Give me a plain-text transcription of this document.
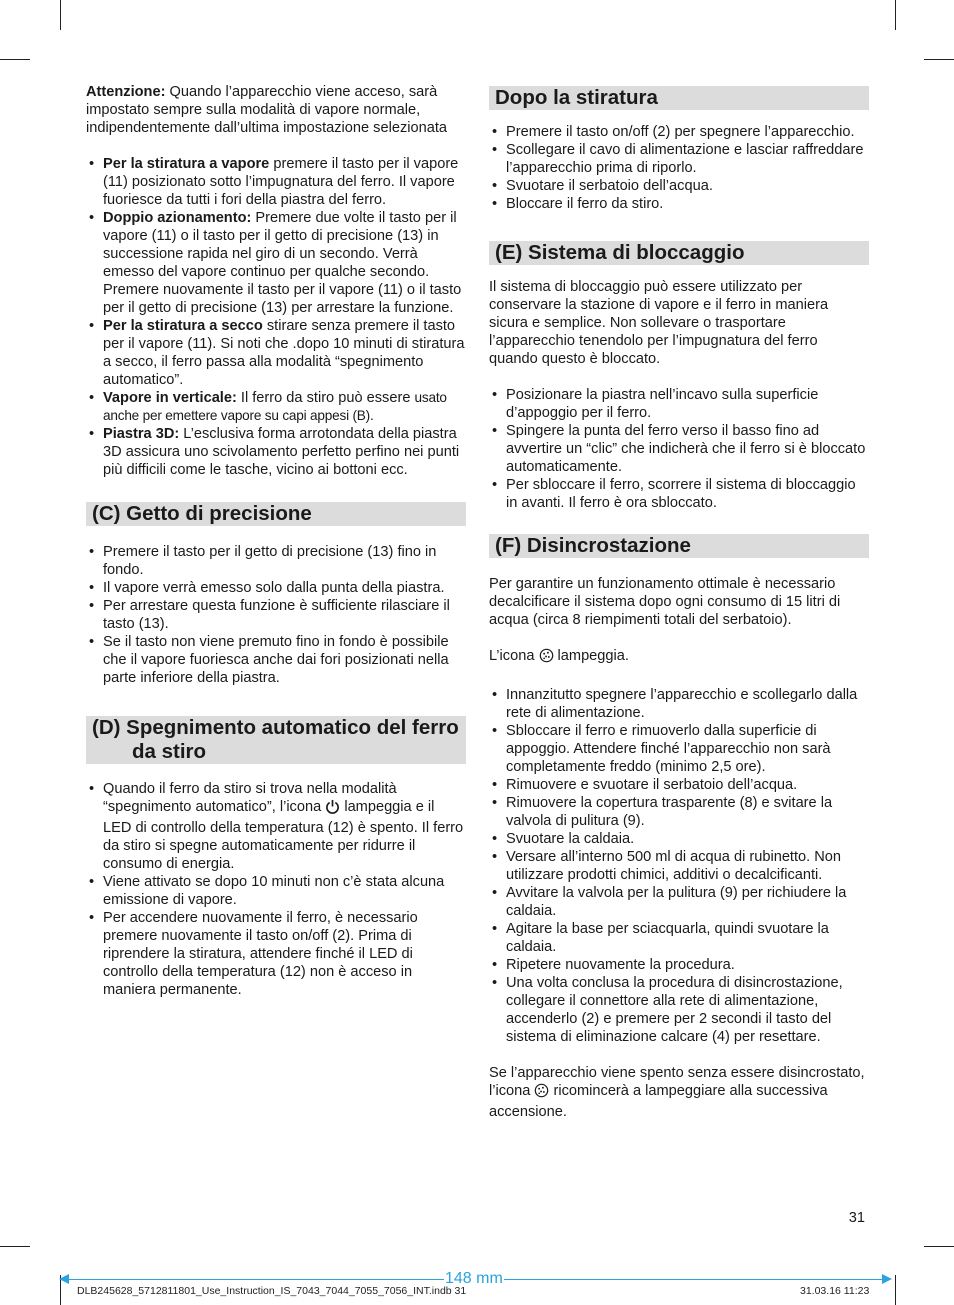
Attenzione: Quando l’apparecchio viene acceso, sarà impostato sempre sulla modalità di vapore normale, indipendentemente dall’ultima impostazione selezionata

• Per la stiratura a vapore premere il tasto per il vapore (11) posizionato sotto l’impugnatura del ferro. Il vapore fuoriesce da tutti i fori della piastra del ferro.
• Doppio azionamento: Premere due volte il tasto per il vapore (11) o il tasto per il getto di precisione (13) in successione rapida nel giro di un secondo. Verrà emesso del vapore continuo per qualche secondo. Premere nuovamente il tasto per il vapore (11) o il tasto per il getto di precisione (13) per arrestare la funzione.
• Per la stiratura a secco stirare senza premere il tasto per il vapore (11). Si noti che .dopo 10 minuti di stiratura a secco, il ferro passa alla modalità “spegnimento automatico”.
• Vapore in verticale: Il ferro da stiro può essere usato anche per emettere vapore su capi appesi (B).
• Piastra 3D: L’esclusiva forma arrotondata della piastra 3D assicura uno scivolamento perfetto perfino nei punti più difficili come le tasche, vicino ai bottoni ecc.
(C) Getto di precisione
• Premere il tasto per il getto di precisione (13) fino in fondo.
• Il vapore verrà emesso solo dalla punta della piastra.
• Per arrestare questa funzione è sufficiente rilasciare il tasto (13).
• Se il tasto non viene premuto fino in fondo è possibile che il vapore fuoriesca anche dai fori posizionati nella parte inferiore della piastra.
(D) Spegnimento automatico del ferro da stiro
• Quando il ferro da stiro si trova nella modalità “spegnimento automatico”, l’icona  lampeggia e il LED di controllo della temperatura (12) è spento. Il ferro da stiro si spegne automaticamente per ridurre il consumo di energia.
• Viene attivato se dopo 10 minuti non c’è stata alcuna emissione di vapore.
• Per accendere nuovamente il ferro, è necessario premere nuovamente il tasto on/off (2). Prima di riprendere la stiratura, attendere finché il LED di controllo della temperatura (12) non è acceso in maniera permanente.
Dopo la stiratura
• Premere il tasto on/off (2) per spegnere l’apparecchio.
• Scollegare il cavo di alimentazione e lasciar raffreddare l’apparecchio prima di riporlo.
• Svuotare il serbatoio dell’acqua.
• Bloccare il ferro da stiro.
(E) Sistema di bloccaggio

Il sistema di bloccaggio può essere utilizzato per conservare la stazione di vapore e il ferro in maniera sicura e semplice. Non sollevare o trasportare l’apparecchio tenendolo per l’impugnatura del ferro quando questo è bloccato.

• Posizionare la piastra nell’incavo sulla superficie d’appoggio per il ferro.
• Spingere la punta del ferro verso il basso fino ad avvertire un “clic” che indicherà che il ferro si è bloccato automaticamente.
• Per sbloccare il ferro, scorrere il sistema di bloccaggio in avanti. Il ferro è ora sbloccato.
(F) Disincrostazione

Per garantire un funzionamento ottimale è necessario decalcificare il sistema dopo ogni consumo di 15 litri di acqua (circa 8 riempimenti totali del serbatoio).

L’icona  lampeggia.

• Innanzitutto spegnere l’apparecchio e scollegarlo dalla rete di alimentazione.
• Sbloccare il ferro e rimuoverlo dalla superficie di appoggio. Attendere finché l’apparecchio non sarà completamente freddo (minimo 2,5 ore).
• Rimuovere e svuotare il serbatoio dell’acqua.
• Rimuovere la copertura trasparente (8) e svitare la valvola di pulitura (9).
• Svuotare la caldaia.
• Versare all’interno 500 ml di acqua di rubinetto. Non utilizzare prodotti chimici, additivi o decalcificanti.
• Avvitare la valvola per la pulitura (9) per richiudere la caldaia.
• Agitare la base per sciacquarla, quindi svuotare la caldaia.
• Ripetere nuovamente la procedura.
• Una volta conclusa la procedura di disincrostazione, collegare il connettore alla rete di alimentazione, accenderlo (2) e premere per 2 secondi il tasto del sistema di eliminazione calcare (4) per resettare.

Se l’apparecchio viene spento senza essere disincrostato, l’icona  ricomincerà a lampeggiare alla successiva accensione.

31
148 mm
DLB245628_5712811801_Use_Instruction_IS_7043_7044_7055_7056_INT.indb 31	31.03.16 11:23
